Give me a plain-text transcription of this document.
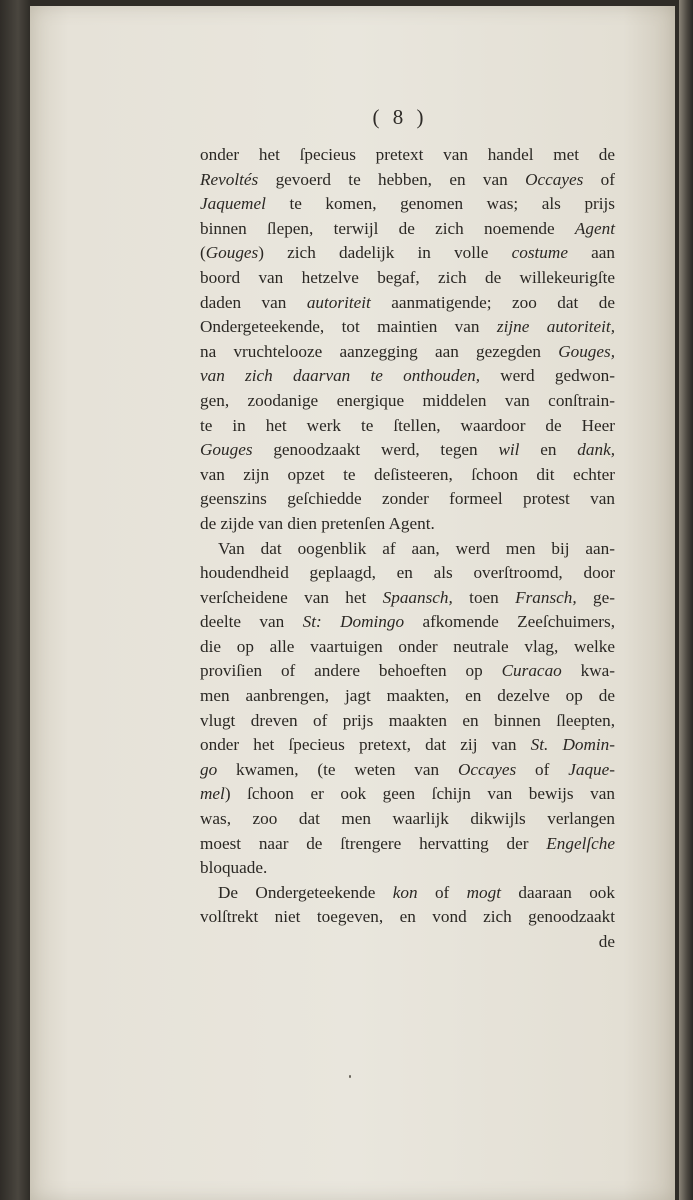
( 8 )
onder het ſpecieus pretext van handel met de
Revoltés gevoerd te hebben, en van Occayes of
Jaquemel te komen, genomen was; als prijs
binnen ſlepen, terwijl de zich noemende Agent
(Gouges) zich dadelijk in volle costume aan
boord van hetzelve begaf, zich de willekeurigſte
daden van autoriteit aanmatigende; zoo dat de
Ondergeteekende, tot maintien van zijne autoriteit,
na vruchtelooze aanzegging aan gezegden Gouges,
van zich daarvan te onthouden, werd gedwon-
gen, zoodanige energique middelen van conſtrain-
te in het werk te ſtellen, waardoor de Heer
Gouges genoodzaakt werd, tegen wil en dank,
van zijn opzet te deſisteeren, ſchoon dit echter
geenszins geſchiedde zonder formeel protest van
de zijde van dien pretenſen Agent.
Van dat oogenblik af aan, werd men bij aan-
houdendheid geplaagd, en als overſtroomd, door
verſcheidene van het Spaansch, toen Fransch, ge-
deelte van St: Domingo afkomende Zeeſchuimers,
die op alle vaartuigen onder neutrale vlag, welke
proviſien of andere behoeften op Curacao kwa-
men aanbrengen, jagt maakten, en dezelve op de
vlugt dreven of prijs maakten en binnen ſleepten,
onder het ſpecieus pretext, dat zij van St. Domin-
go kwamen, (te weten van Occayes of Jaque-
mel) ſchoon er ook geen ſchijn van bewijs van
was, zoo dat men waarlijk dikwijls verlangen
moest naar de ſtrengere hervatting der Engelſche
bloquade.
De Ondergeteekende kon of mogt daaraan ook
volſtrekt niet toegeven, en vond zich genoodzaakt
de
